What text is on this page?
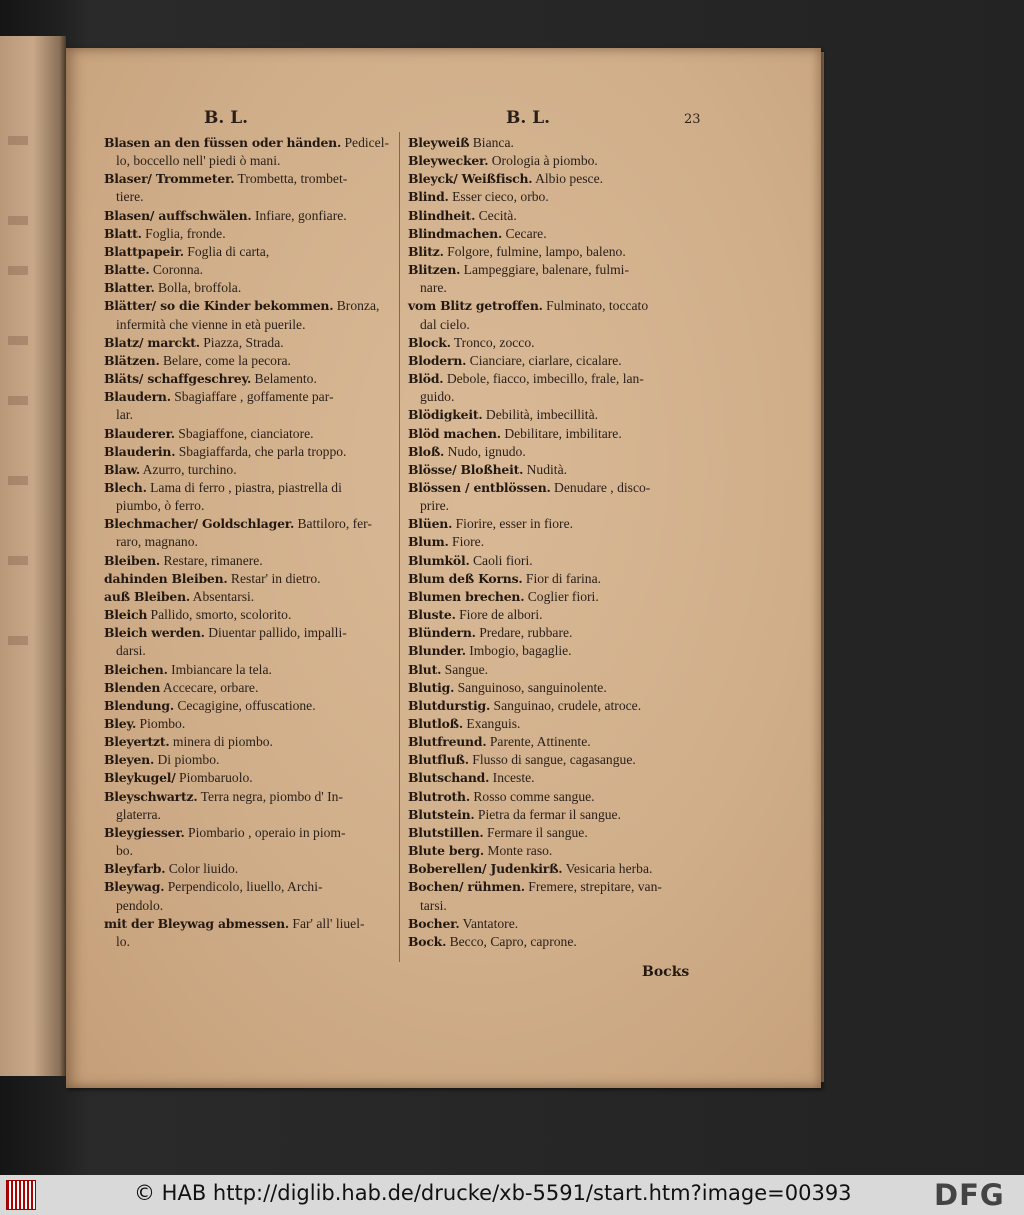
B. L.	B. L.	23
Blasen an den füssen oder händen. Pedicel-
lo, boccello nell' piedi ò mani.
Blaser/ Trommeter. Trombetta, trombet-
tiere.
Blasen/ auffschwälen. Infiare, gonfiare.
Blatt. Foglia, fronde.
Blattpapeir. Foglia di carta,
Blatte. Coronna.
Blatter. Bolla, broffola.
Blätter/ so die Kinder bekommen. Bronza,
infermità che vienne in età puerile.
Blatz/ marckt. Piazza, Strada.
Blätzen. Belare, come la pecora.
Bläts/ schaffgeschrey. Belamento.
Blaudern. Sbagiaffare , goffamente par-
lar.
Blauderer. Sbagiaffone, cianciatore.
Blauderin. Sbagiaffarda, che parla troppo.
Blaw. Azurro, turchino.
Blech. Lama di ferro , piastra, piastrella di
piumbo, ò ferro.
Blechmacher/ Goldschlager. Battiloro, fer-
raro, magnano.
Bleiben. Restare, rimanere.
dahinden Bleiben. Restar' in dietro.
auß Bleiben. Absentarsi.
Bleich Pallido, smorto, scolorito.
Bleich werden. Diuentar pallido, impalli-
darsi.
Bleichen. Imbiancare la tela.
Blenden Accecare, orbare.
Blendung. Cecagigine, offuscatione.
Bley. Piombo.
Bleyertzt. minera di piombo.
Bleyen. Di piombo.
Bleykugel/ Piombaruolo.
Bleyschwartz. Terra negra, piombo d' In-
glaterra.
Bleygiesser. Piombario , operaio in piom-
bo.
Bleyfarb. Color liuido.
Bleywag. Perpendicolo, liuello, Archi-
pendolo.
mit der Bleywag abmessen. Far' all' liuel-
lo.
Bleyweiß Bianca.
Bleywecker. Orologia à piombo.
Bleyck/ Weißfisch. Albio pesce.
Blind. Esser cieco, orbo.
Blindheit. Cecità.
Blindmachen. Cecare.
Blitz. Folgore, fulmine, lampo, baleno.
Blitzen. Lampeggiare, balenare, fulmi-
nare.
vom Blitz getroffen. Fulminato, toccato
dal cielo.
Block. Tronco, zocco.
Blodern. Cianciare, ciarlare, cicalare.
Blöd. Debole, fiacco, imbecillo, frale, lan-
guido.
Blödigkeit. Debilità, imbecillità.
Blöd machen. Debilitare, imbilitare.
Bloß. Nudo, ignudo.
Blösse/ Bloßheit. Nudità.
Blössen / entblössen. Denudare , disco-
prire.
Blüen. Fiorire, esser in fiore.
Blum. Fiore.
Blumköl. Caoli fiori.
Blum deß Korns. Fior di farina.
Blumen brechen. Coglier fiori.
Bluste. Fiore de albori.
Blündern. Predare, rubbare.
Blunder. Imbogio, bagaglie.
Blut. Sangue.
Blutig. Sanguinoso, sanguinolente.
Blutdurstig. Sanguinao, crudele, atroce.
Blutloß. Exanguis.
Blutfreund. Parente, Attinente.
Blutfluß. Flusso di sangue, cagasangue.
Blutschand. Inceste.
Blutroth. Rosso comme sangue.
Blutstein. Pietra da fermar il sangue.
Blutstillen. Fermare il sangue.
Blute berg. Monte raso.
Boberellen/ Judenkirß. Vesicaria herba.
Bochen/ rühmen. Fremere, strepitare, van-
tarsi.
Bocher. Vantatore.
Bock. Becco, Capro, caprone.
Bocks
© HAB http://diglib.hab.de/drucke/xb-5591/start.htm?image=00393	DFG
